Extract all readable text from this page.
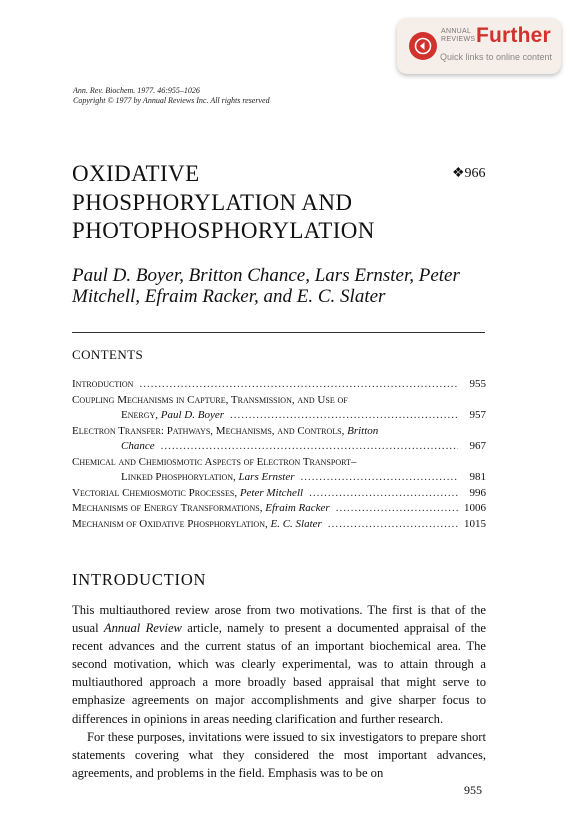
ANNUAL
REVIEWS Further
Quick links to online content
Ann. Rev. Biochem. 1977. 46:955–1026
Copyright © 1977 by Annual Reviews Inc. All rights reserved
OXIDATIVE
PHOSPHORYLATION AND
PHOTOPHOSPHORYLATION
❖966
Paul D. Boyer, Britton Chance, Lars Ernster, Peter
Mitchell, Efraim Racker, and E. C. Slater
CONTENTS
Introduction .....	955
Coupling Mechanisms in Capture, Transmission, and Use of
Energy, Paul D. Boyer .....	957
Electron Transfer: Pathways, Mechanisms, and Controls, Britton
Chance .....	967
Chemical and Chemiosmotic Aspects of Electron Transport–
Linked Phosphorylation, Lars Ernster .....	981
Vectorial Chemiosmotic Processes, Peter Mitchell .....	996
Mechanisms of Energy Transformations, Efraim Racker .....	1006
Mechanism of Oxidative Phosphorylation, E. C. Slater .....	1015
INTRODUCTION

This multiauthored review arose from two motivations. The first is that of the usual Annual Review article, namely to present a documented appraisal of the recent advances and the current status of an important biochemical area. The second motivation, which was clearly experimental, was to attain through a multiauthored approach a more broadly based appraisal that might serve to emphasize agreements on major accomplishments and give sharper focus to differences in opinions in areas needing clarification and further research.

For these purposes, invitations were issued to six investigators to prepare short statements covering what they considered the most important advances, agreements, and problems in the field. Emphasis was to be on

955
